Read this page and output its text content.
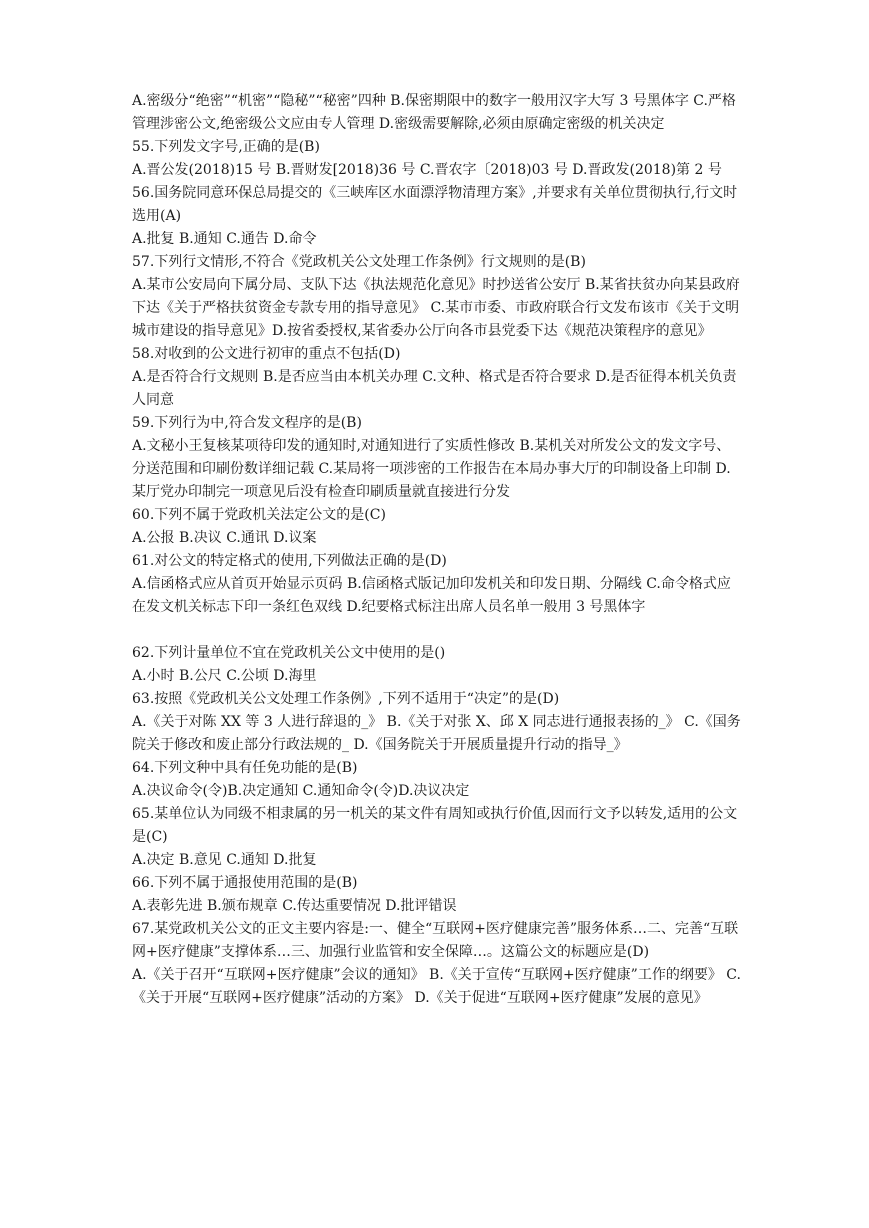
A.密级分“绝密”“机密”“隐秘”“秘密”四种 B.保密期限中的数字一般用汉字大写 3 号黑体字 C.严格管理涉密公文,绝密级公文应由专人管理 D.密级需要解除,必须由原确定密级的机关决定

55.下列发文字号,正确的是(B)

A.晋公发(2018)15 号 B.晋财发[2018)36 号 C.晋农字〔2018)03 号 D.晋政发(2018)第 2 号

56.国务院同意环保总局提交的《三峡库区水面漂浮物清理方案》,并要求有关单位贯彻执行,行文时选用(A)

A.批复 B.通知 C.通告 D.命令

57.下列行文情形,不符合《党政机关公文处理工作条例》行文规则的是(B)

A.某市公安局向下属分局、支队下达《执法规范化意见》时抄送省公安厅 B.某省扶贫办向某县政府下达《关于严格扶贫资金专款专用的指导意见》 C.某市市委、市政府联合行文发布该市《关于文明城市建设的指导意见》D.按省委授权,某省委办公厅向各市县党委下达《规范决策程序的意见》

58.对收到的公文进行初审的重点不包括(D)

A.是否符合行文规则 B.是否应当由本机关办理 C.文种、格式是否符合要求 D.是否征得本机关负责人同意

59.下列行为中,符合发文程序的是(B)

A.文秘小王复核某项待印发的通知时,对通知进行了实质性修改 B.某机关对所发公文的发文字号、分送范围和印刷份数详细记载 C.某局将一项涉密的工作报告在本局办事大厅的印制设备上印制 D.某厅党办印制完一项意见后没有检查印刷质量就直接进行分发

60.下列不属于党政机关法定公文的是(C)

A.公报 B.决议 C.通讯 D.议案

61.对公文的特定格式的使用,下列做法正确的是(D)

A.信函格式应从首页开始显示页码 B.信函格式版记加印发机关和印发日期、分隔线 C.命令格式应在发文机关标志下印一条红色双线 D.纪要格式标注出席人员名单一般用 3 号黑体字

62.下列计量单位不宜在党政机关公文中使用的是()

A.小时 B.公尺 C.公顷 D.海里

63.按照《党政机关公文处理工作条例》,下列不适用于“决定”的是(D)

A.《关于对陈 XX 等 3 人进行辞退的_》 B.《关于对张 X、邱 X 同志进行通报表扬的_》 C.《国务院关于修改和废止部分行政法规的_ D.《国务院关于开展质量提升行动的指导_》

64.下列文种中具有任免功能的是(B)

A.决议命令(令)B.决定通知 C.通知命令(令)D.决议决定

65.某单位认为同级不相隶属的另一机关的某文件有周知或执行价值,因而行文予以转发,适用的公文是(C)

A.决定 B.意见 C.通知 D.批复

66.下列不属于通报使用范围的是(B)

A.表彰先进 B.颁布规章 C.传达重要情况 D.批评错误

67.某党政机关公文的正文主要内容是:一、健全“互联网+医疗健康完善”服务体系…二、完善“互联网+医疗健康”支撑体系…三、加强行业监管和安全保障…。这篇公文的标题应是(D)

A.《关于召开“互联网+医疗健康”会议的通知》 B.《关于宣传“互联网+医疗健康”工作的纲要》 C.《关于开展“互联网+医疗健康”活动的方案》 D.《关于促进“互联网+医疗健康”发展的意见》
